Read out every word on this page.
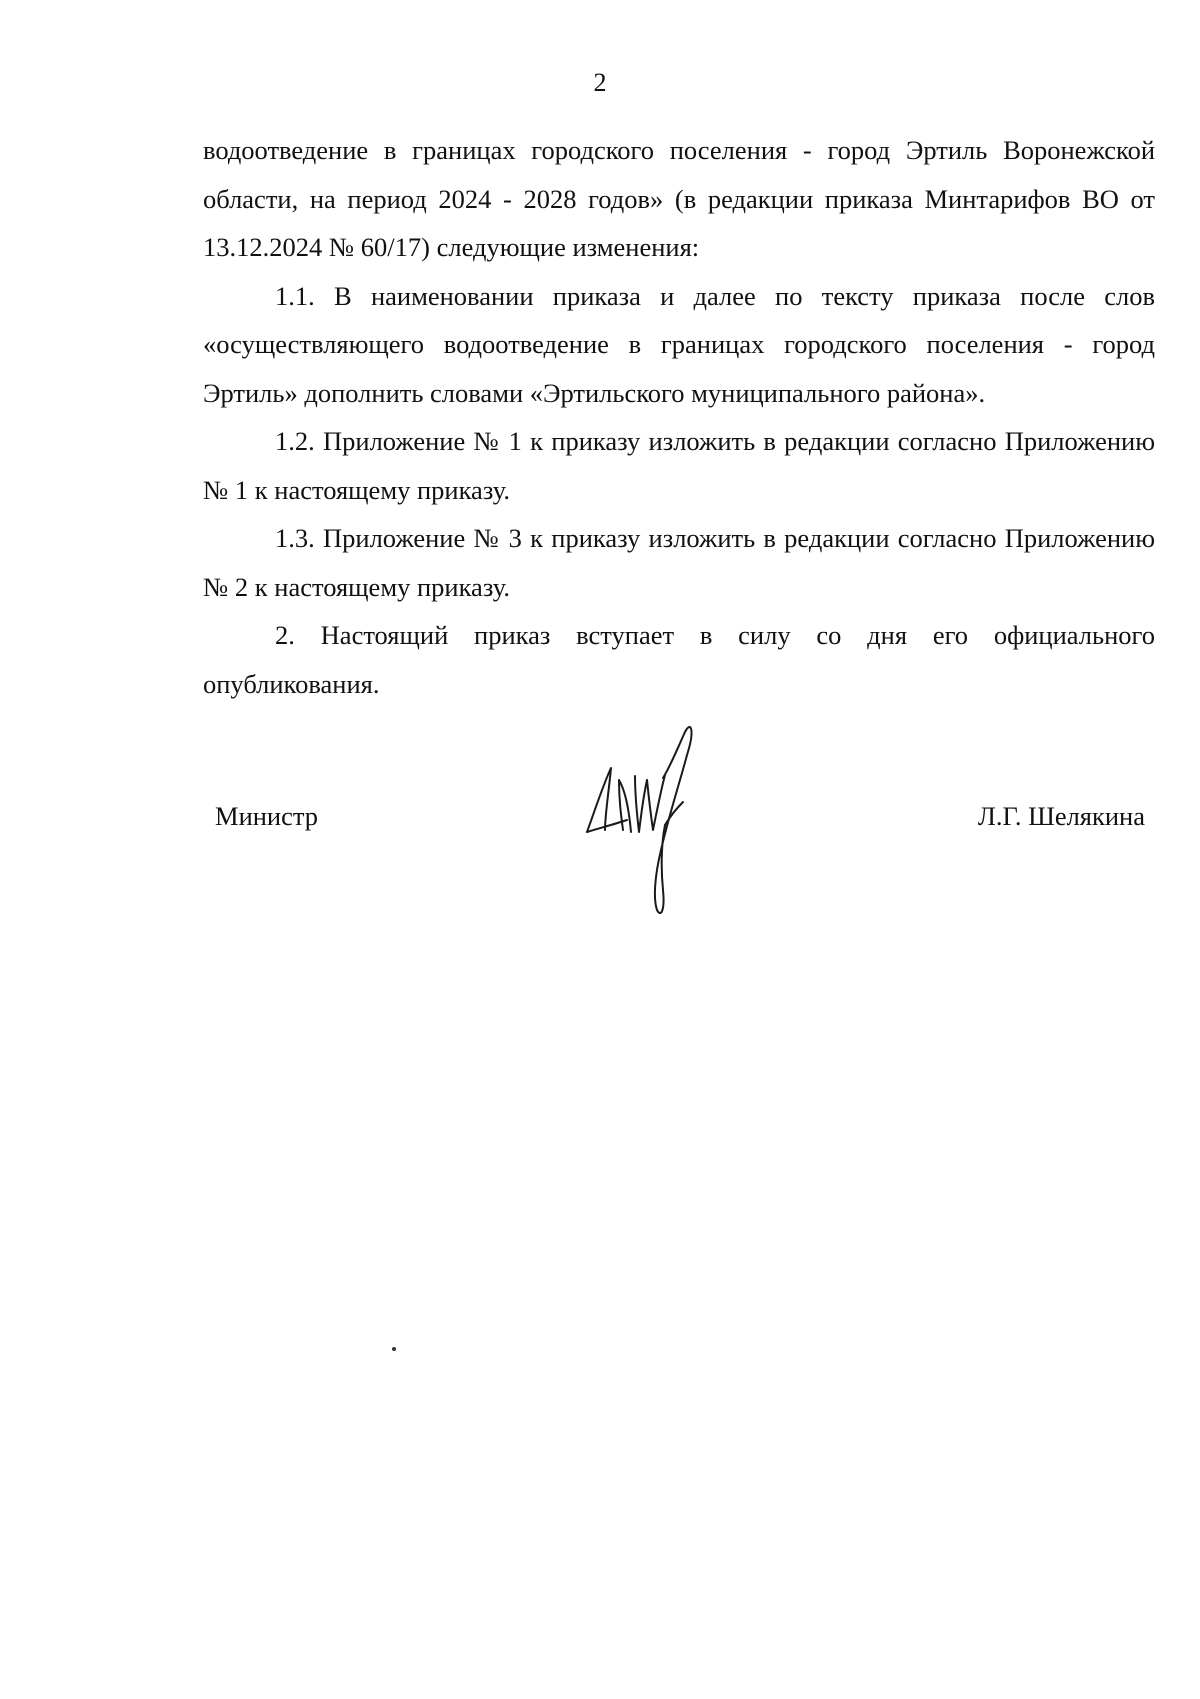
2

водоотведение в границах городского поселения - город Эртиль Воронежской области, на период 2024 - 2028 годов» (в редакции приказа Минтарифов ВО от 13.12.2024 № 60/17) следующие изменения:

1.1. В наименовании приказа и далее по тексту приказа после слов «осуществляющего водоотведение в границах городского поселения - город Эртиль» дополнить словами «Эртильского муниципального района».

1.2. Приложение № 1 к приказу изложить в редакции согласно Приложению № 1 к настоящему приказу.

1.3. Приложение № 3 к приказу изложить в редакции согласно Приложению № 2 к настоящему приказу.

2. Настоящий приказ вступает в силу со дня его официального опубликования.

Министр	Л.Г. Шелякина
